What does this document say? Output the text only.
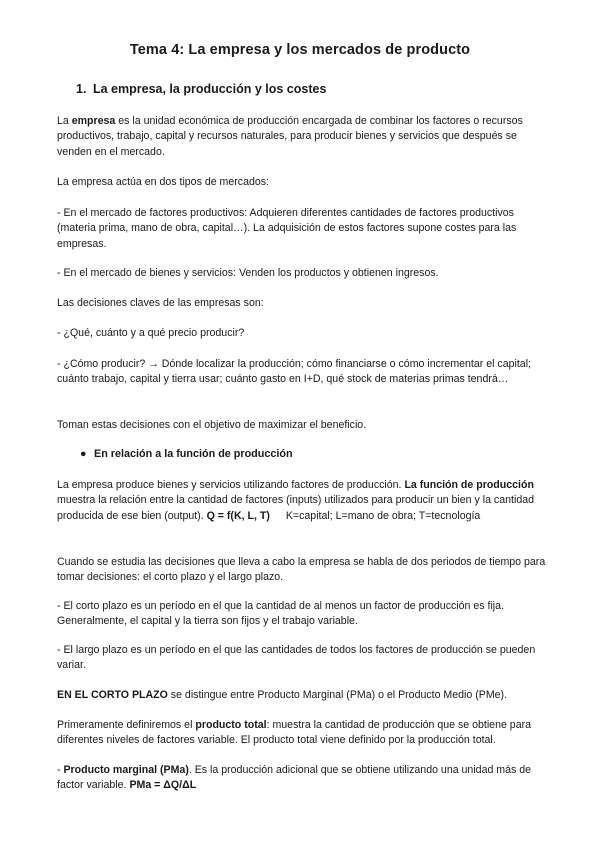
Tema 4: La empresa y los mercados de producto
1. La empresa, la producción y los costes

La empresa es la unidad económica de producción encargada de combinar los factores o recursos productivos, trabajo, capital y recursos naturales, para producir bienes y servicios que después se venden en el mercado.

La empresa actúa en dos tipos de mercados:

- En el mercado de factores productivos: Adquieren diferentes cantidades de factores productivos (materia prima, mano de obra, capital…). La adquisición de estos factores supone costes para las empresas.

- En el mercado de bienes y servicios: Venden los productos y obtienen ingresos.

Las decisiones claves de las empresas son:

- ¿Qué, cuánto y a qué precio producir?

- ¿Cómo producir? → Dónde localizar la producción; cómo financiarse o cómo incrementar el capital; cuánto trabajo, capital y tierra usar; cuánto gasto en I+D, qué stock de materias primas tendrá…

Toman estas decisiones con el objetivo de maximizar el beneficio.

● En relación a la función de producción

La empresa produce bienes y servicios utilizando factores de producción. La función de producción muestra la relación entre la cantidad de factores (inputs) utilizados para producir un bien y la cantidad producida de ese bien (output). Q = f(K, L, T) K=capital; L=mano de obra; T=tecnología

Cuando se estudia las decisiones que lleva a cabo la empresa se habla de dos periodos de tiempo para tomar decisiones: el corto plazo y el largo plazo.

- El corto plazo es un período en el que la cantidad de al menos un factor de producción es fija. Generalmente, el capital y la tierra son fijos y el trabajo variable.

- El largo plazo es un período en el que las cantidades de todos los factores de producción se pueden variar.

EN EL CORTO PLAZO se distingue entre Producto Marginal (PMa) o el Producto Medio (PMe).

Primeramente definiremos el producto total: muestra la cantidad de producción que se obtiene para diferentes niveles de factores variable. El producto total viene definido por la producción total.

- Producto marginal (PMa). Es la producción adicional que se obtiene utilizando una unidad más de factor variable. PMa = ΔQ/ΔL
